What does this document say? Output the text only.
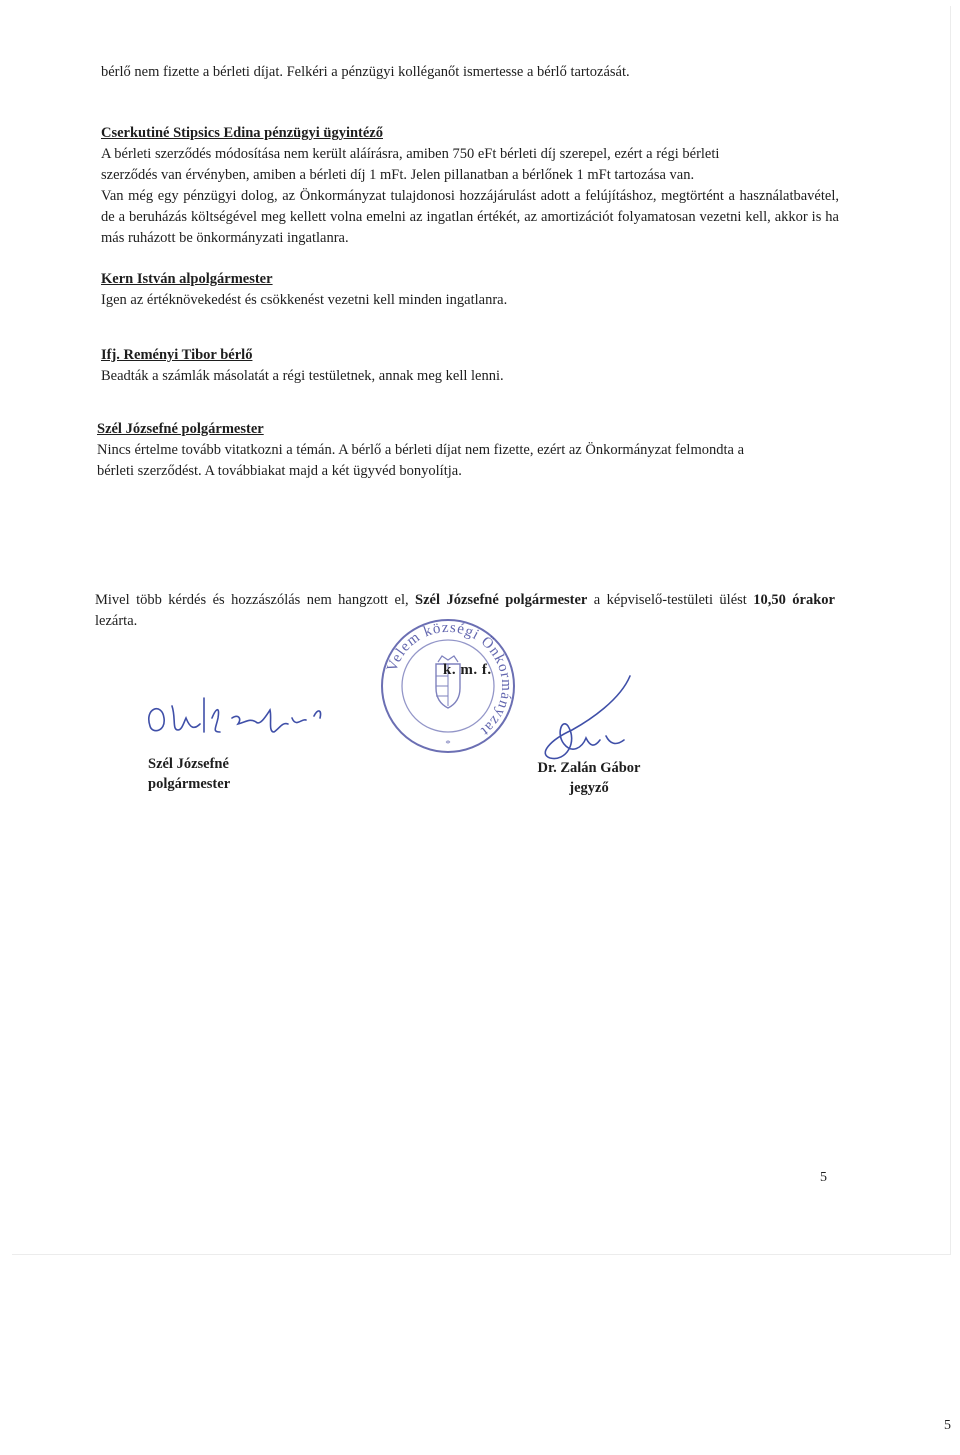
bérlő nem fizette a bérleti díjat. Felkéri a pénzügyi kolléganőt ismertesse a bérlő tartozását.
Cserkutiné Stipsics Edina pénzügyi ügyintéző
A bérleti szerződés módosítása nem került aláírásra, amiben 750 eFt bérleti díj szerepel, ezért a régi bérleti
szerződés van érvényben, amiben a bérleti díj 1 mFt. Jelen pillanatban a bérlőnek 1 mFt tartozása van.
Van még egy pénzügyi dolog, az Önkormányzat tulajdonosi hozzájárulást adott a felújításhoz, megtörtént a használatbavétel, de a beruházás költségével meg kellett volna emelni az ingatlan értékét, az amortizációt folyamatosan vezetni kell, akkor is ha más ruházott be önkormányzati ingatlanra.
Kern István alpolgármester
Igen az értéknövekedést és csökkenést vezetni kell minden ingatlanra.
Ifj. Reményi Tibor bérlő
Beadták a számlák másolatát a régi testületnek, annak meg kell lenni.
Szél Józsefné polgármester
Nincs értelme tovább vitatkozni a témán. A bérlő a bérleti díjat nem fizette, ezért az Önkormányzat felmondta a
bérleti szerződést. A továbbiakat majd a két ügyvéd bonyolítja.
Mivel több kérdés és hozzászólás nem hangzott el, Szél Józsefné polgármester a képviselő-testületi ülést 10,50 órakor lezárta.
Velem községi Önkormányzat
*
k. m. f.
Szél Józsefné
polgármester
Dr. Zalán Gábor
jegyző
5
5
